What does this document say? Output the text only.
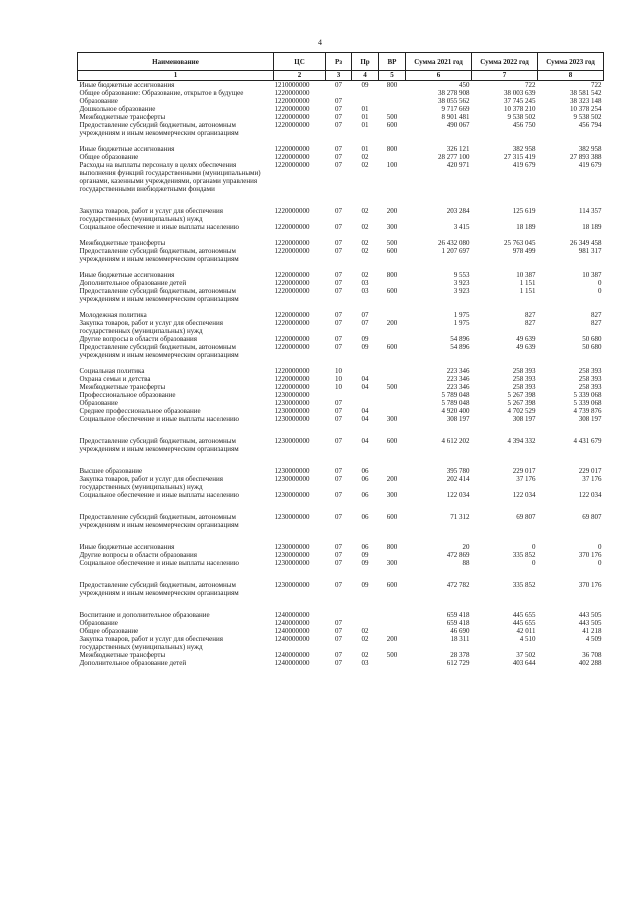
4
Наименование	ЦС	Рз	Пр	ВР	Сумма 2021 год	Сумма 2022 год	Сумма 2023 год
1	2	3	4	5	6	7	8
Иные бюджетные ассигнования	1210000000	07	09	800	450	722	722
Общее образование: Образование, открытое в будущее	1220000000				38 278 908	38 003 639	38 581 542
Образование	1220000000	07			38 055 562	37 745 245	38 323 148
Дошкольное образование	1220000000	07	01		9 717 669	10 378 210	10 378 254
Межбюджетные трансферты	1220000000	07	01	500	8 901 481	9 538 502	9 538 502
Предоставление субсидий бюджетным, автономным учреждениям и иным некоммерческим организациям	1220000000	07	01	600	490 067	456 750	456 794

Иные бюджетные ассигнования	1220000000	07	01	800	326 121	382 958	382 958
Общее образование	1220000000	07	02		28 277 100	27 315 419	27 893 388
Расходы на выплаты персоналу в целях обеспечения выполнения функций государственными (муниципальными) органами, казенными учреждениями, органами управления государственными внебюджетными фондами	1220000000	07	02	100	420 971	419 679	419 679

Закупка товаров, работ и услуг для обеспечения государственных (муниципальных) нужд	1220000000	07	02	200	203 284	125 619	114 357
Социальное обеспечение и иные выплаты населению	1220000000	07	02	300	3 415	18 189	18 189

Межбюджетные трансферты	1220000000	07	02	500	26 432 080	25 763 045	26 349 458
Предоставление субсидий бюджетным, автономным учреждениям и иным некоммерческим организациям	1220000000	07	02	600	1 207 697	978 499	981 317

Иные бюджетные ассигнования	1220000000	07	02	800	9 553	10 387	10 387
Дополнительное образование детей	1220000000	07	03		3 923	1 151	0
Предоставление субсидий бюджетным, автономным учреждениям и иным некоммерческим организациям	1220000000	07	03	600	3 923	1 151	0

Молодежная политика	1220000000	07	07		1 975	827	827
Закупка товаров, работ и услуг для обеспечения государственных (муниципальных) нужд	1220000000	07	07	200	1 975	827	827
Другие вопросы в области образования	1220000000	07	09		54 896	49 639	50 680
Предоставление субсидий бюджетным, автономным учреждениям и иным некоммерческим организациям	1220000000	07	09	600	54 896	49 639	50 680

Социальная политика	1220000000	10			223 346	258 393	258 393
Охрана семьи и детства	1220000000	10	04		223 346	258 393	258 393
Межбюджетные трансферты	1220000000	10	04	500	223 346	258 393	258 393
Профессиональное образование	1230000000				5 789 048	5 267 398	5 339 068
Образование	1230000000	07			5 789 048	5 267 398	5 339 068
Среднее профессиональное образование	1230000000	07	04		4 920 400	4 702 529	4 739 876
Социальное обеспечение и иные выплаты населению	1230000000	07	04	300	308 197	308 197	308 197

Предоставление субсидий бюджетным, автономным учреждениям и иным некоммерческим организациям	1230000000	07	04	600	4 612 202	4 394 332	4 431 679

Высшее образование	1230000000	07	06		395 780	229 017	229 017
Закупка товаров, работ и услуг для обеспечения государственных (муниципальных) нужд	1230000000	07	06	200	202 414	37 176	37 176
Социальное обеспечение и иные выплаты населению	1230000000	07	06	300	122 034	122 034	122 034

Предоставление субсидий бюджетным, автономным учреждениям и иным некоммерческим организациям	1230000000	07	06	600	71 312	69 807	69 807

Иные бюджетные ассигнования	1230000000	07	06	800	20	0	0
Другие вопросы в области образования	1230000000	07	09		472 869	335 852	370 176
Социальное обеспечение и иные выплаты населению	1230000000	07	09	300	88	0	0

Предоставление субсидий бюджетным, автономным учреждениям и иным некоммерческим организациям	1230000000	07	09	600	472 782	335 852	370 176

Воспитание и дополнительное образование	1240000000				659 418	445 655	443 505
Образование	1240000000	07			659 418	445 655	443 505
Общее образование	1240000000	07	02		46 690	42 011	41 218
Закупка товаров, работ и услуг для обеспечения государственных (муниципальных) нужд	1240000000	07	02	200	18 311	4 510	4 509
Межбюджетные трансферты	1240000000	07	02	500	28 378	37 502	36 708
Дополнительное образование детей	1240000000	07	03		612 729	403 644	402 288
